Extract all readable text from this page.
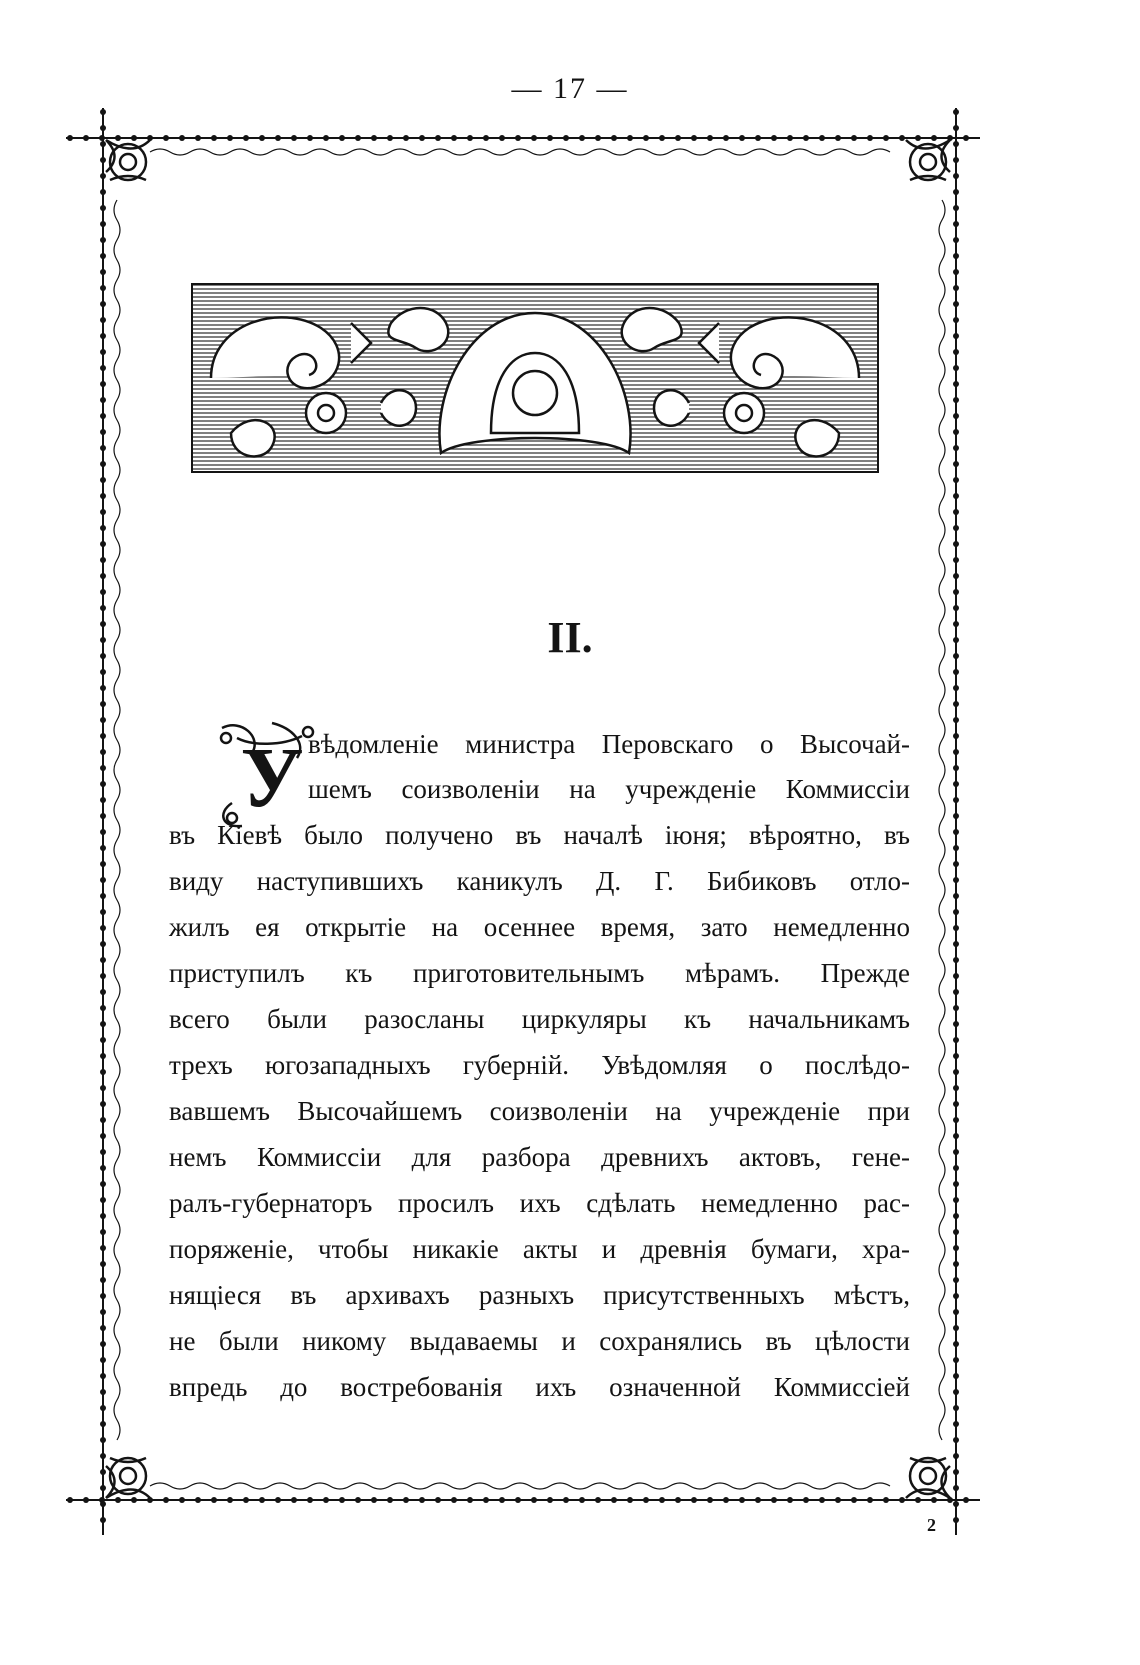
— 17 —
II.
У вѣдомленіе министра Перовскаго о Высочай-
шемъ соизволеніи на учрежденіе Коммиссіи
въ Кіевѣ было получено въ началѣ іюня; вѣроятно, въ
виду наступившихъ каникулъ Д. Г. Бибиковъ отло-
жилъ ея открытіе на осеннее время, зато немедленно
приступилъ къ приготовительнымъ мѣрамъ. Прежде
всего были разосланы циркуляры къ начальникамъ
трехъ югозападныхъ губерній. Увѣдомляя о послѣдо-
вавшемъ Высочайшемъ соизволеніи на учрежденіе при
немъ Коммиссіи для разбора древнихъ актовъ, гене-
ралъ-губернаторъ просилъ ихъ сдѣлать немедленно рас-
поряженіе, чтобы никакіе акты и древнія бумаги, хра-
нящіеся въ архивахъ разныхъ присутственныхъ мѣстъ,
не были никому выдаваемы и сохранялись въ цѣлости
впредь до востребованія ихъ означенной Коммиссіей
2
